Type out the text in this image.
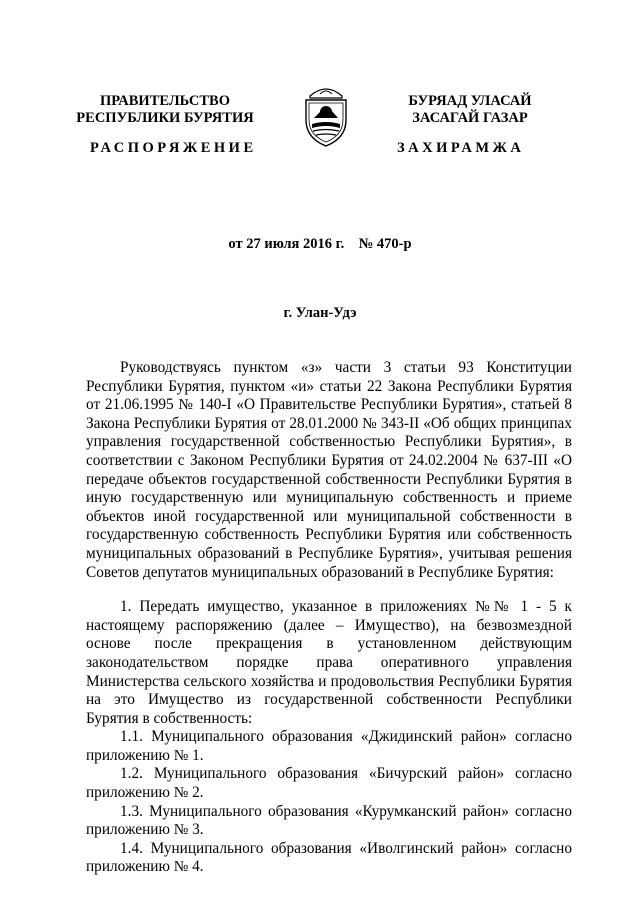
ПРАВИТЕЛЬСТВО
РЕСПУБЛИКИ БУРЯТИЯ
БУРЯАД УЛАСАЙ
ЗАСАГАЙ ГАЗАР
РАСПОРЯЖЕНИЕ	ЗАХИРАМЖА
от 27 июля 2016 г.    № 470-р
г. Улан-Удэ

Руководствуясь пунктом «з» части 3 статьи 93 Конституции Республики Бурятия, пунктом «и» статьи 22 Закона Республики Бурятия от 21.06.1995 № 140-I «О Правительстве Республики Бурятия», статьей 8 Закона Республики Бурятия от 28.01.2000 № 343-II «Об общих принципах управления государственной собственностью Республики Бурятия», в соответствии с Законом Республики Бурятия от 24.02.2004 № 637-III «О передаче объектов государственной собственности Республики Бурятия в иную государственную или муниципальную собственность и приеме объектов иной государственной или муниципальной собственности в государственную собственность Республики Бурятия или собственность муниципальных образований в Республике Бурятия», учитывая решения Советов депутатов муниципальных образований в Республике Бурятия:

1. Передать имущество, указанное в приложениях №№ 1 - 5 к настоящему распоряжению (далее – Имущество), на безвозмездной основе после прекращения в установленном действующим законодательством порядке права оперативного управления Министерства сельского хозяйства и продовольствия Республики Бурятия на это Имущество из государственной собственности Республики Бурятия в собственность:

1.1. Муниципального образования «Джидинский район» согласно приложению № 1.

1.2. Муниципального образования «Бичурский район» согласно приложению № 2.

1.3. Муниципального образования «Курумканский район» согласно приложению № 3.

1.4. Муниципального образования «Иволгинский район» согласно приложению № 4.
